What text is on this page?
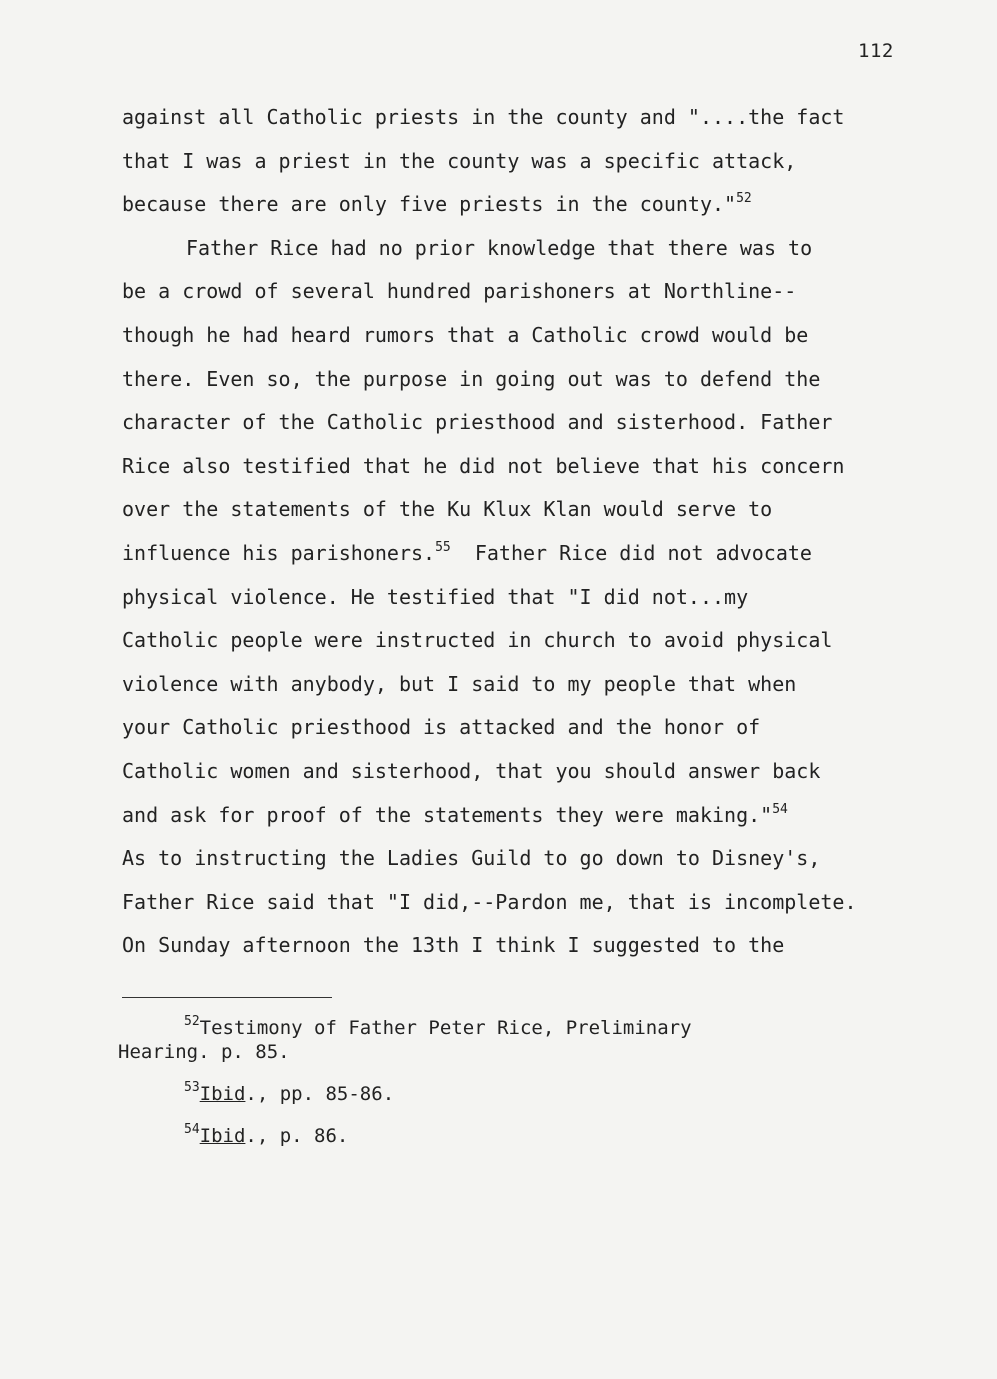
112
against all Catholic priests in the county and "....the fact
that I was a priest in the county was a specific attack,
because there are only five priests in the county."$^{52}$
Father Rice had no prior knowledge that there was to
be a crowd of several hundred parishoners at Northline--
though he had heard rumors that a Catholic crowd would be
there. Even so, the purpose in going out was to defend the
character of the Catholic priesthood and sisterhood. Father
Rice also testified that he did not believe that his concern
over the statements of the Ku Klux Klan would serve to
influence his parishoners.$^{55}$  Father Rice did not advocate
physical violence. He testified that "I did not...my
Catholic people were instructed in church to avoid physical
violence with anybody, but I said to my people that when
your Catholic priesthood is attacked and the honor of
Catholic women and sisterhood, that you should answer back
and ask for proof of the statements they were making."$^{54}$
As to instructing the Ladies Guild to go down to Disney's,
Father Rice said that "I did,--Pardon me, that is incomplete.
On Sunday afternoon the 13th I think I suggested to the
$^{52}$Testimony of Father Peter Rice, Preliminary
Hearing. p. 85.
$^{53}$Ibid., pp. 85-86.
$^{54}$Ibid., p. 86.
